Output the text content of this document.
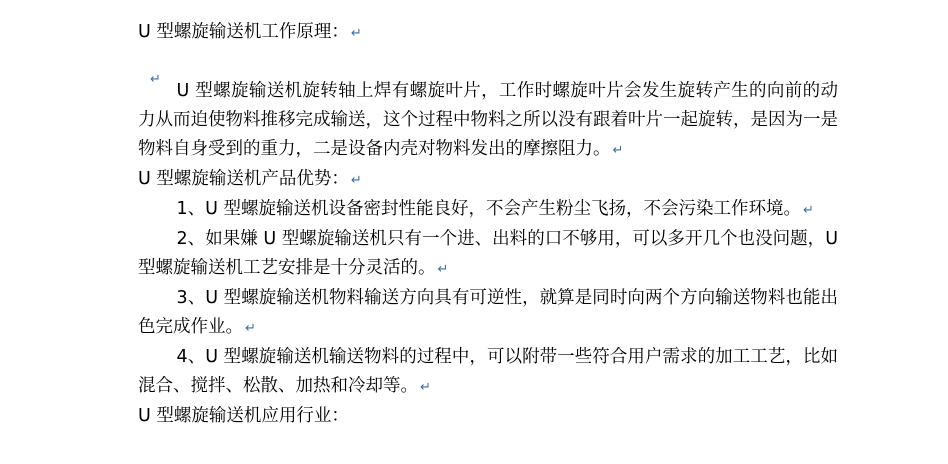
U 型螺旋输送机工作原理： ↵

U 型螺旋输送机旋转轴上焊有螺旋叶片，工作时螺旋叶片会发生旋转产生的向前的动力从而迫使物料推移完成输送，这个过程中物料之所以没有跟着叶片一起旋转，是因为一是物料自身受到的重力，二是设备内壳对物料发出的摩擦阻力。 ↵

U 型螺旋输送机产品优势： ↵

1、U 型螺旋输送机设备密封性能良好，不会产生粉尘飞扬，不会污染工作环境。 ↵

2、如果嫌 U 型螺旋输送机只有一个进、出料的口不够用，可以多开几个也没问题，U 型螺旋输送机工艺安排是十分灵活的。 ↵

3、U 型螺旋输送机物料输送方向具有可逆性，就算是同时向两个方向输送物料也能出色完成作业。 ↵

4、U 型螺旋输送机输送物料的过程中，可以附带一些符合用户需求的加工工艺，比如混合、搅拌、松散、加热和冷却等。 ↵

U 型螺旋输送机应用行业：

↵
